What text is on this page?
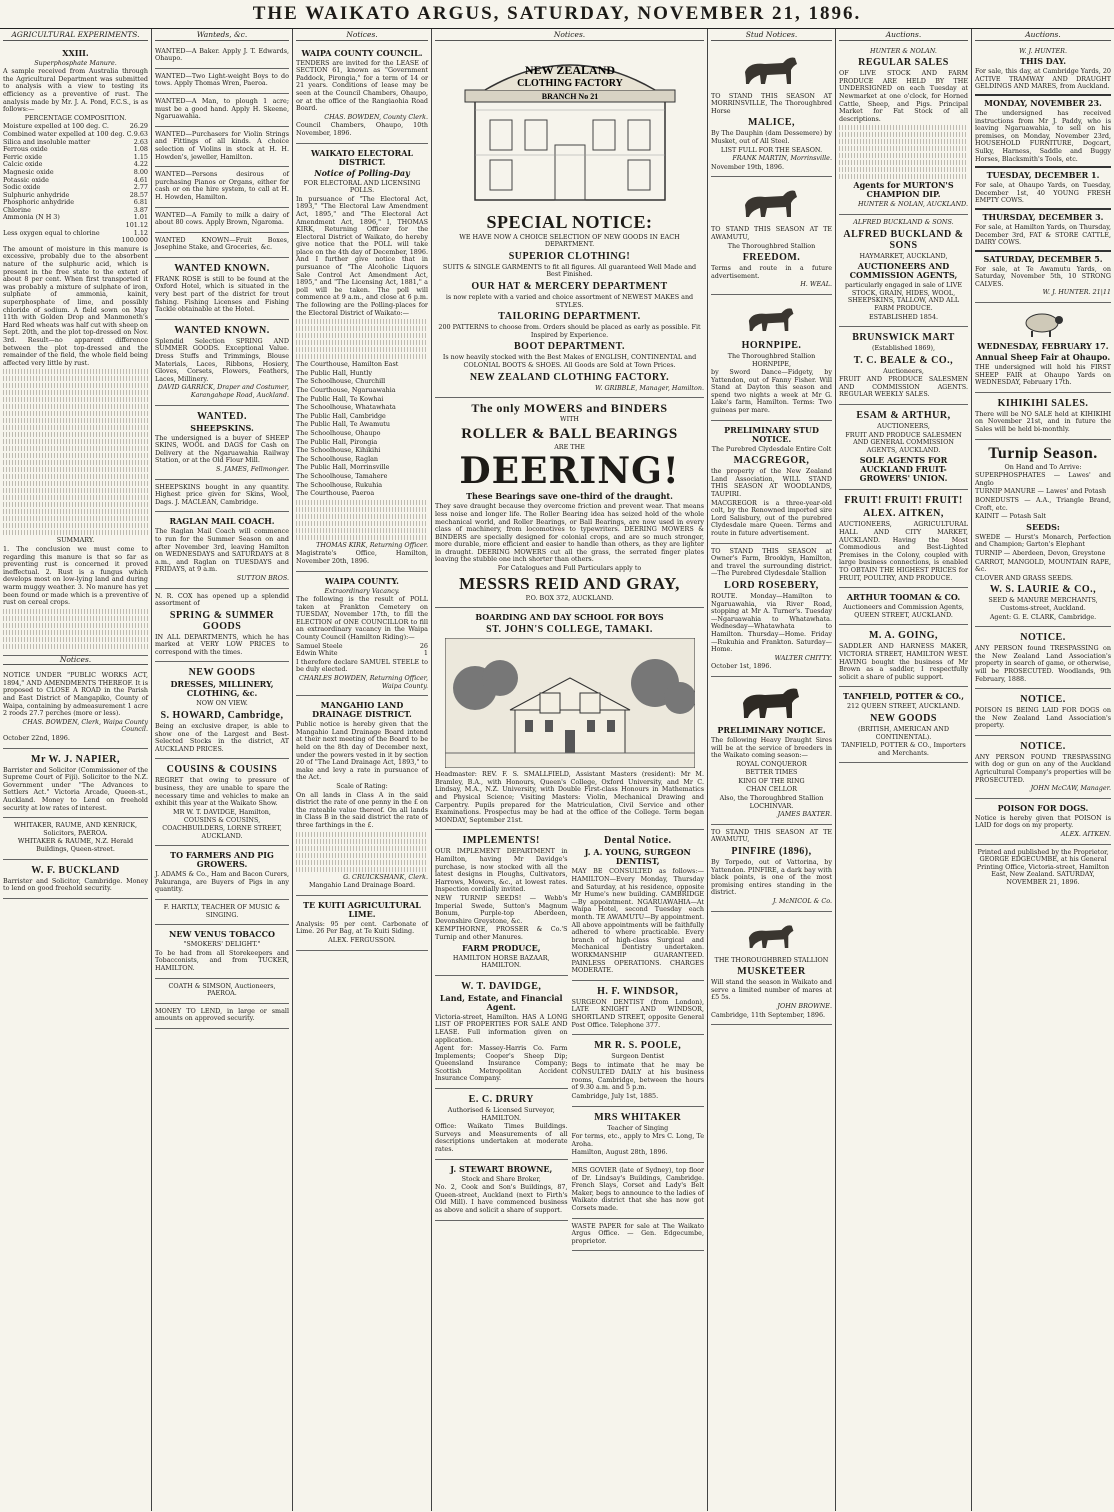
THE WAIKATO ARGUS, SATURDAY, NOVEMBER 21, 1896.
AGRICULTURAL EXPERIMENTS.
XXIII.

Superphosphate Manure.

A sample received from Australia through the Agricultural Department was submitted to analysis with a view to testing its efficiency as a preventive of rust. The analysis made by Mr. J. A. Pond, F.C.S., is as follows:—

PERCENTAGE COMPOSITION.

Moisture expelled at 100 deg. C.	26.29
Combined water expelled at 100 deg. C. 9.63
Silica and insoluble matter	2.63
Ferrous oxide	1.08
Ferric oxide	1.15
Calcic oxide	4.22
Magnesic oxide	8.00
Potassic oxide	4.61
Sodic oxide	2.77
Sulphuric anhydride	28.57
Phosphoric anhydride	6.81
Chlorine	3.87
Ammonia (N H 3)	1.01
101.12
Less oxygen equal to chlorine	1.12
100.000

The amount of moisture in this manure is excessive, probably due to the absorbent nature of the sulphuric acid, which is present in the free state to the extent of about 8 per cent. When first transported it was probably a mixture of sulphate of iron, sulphate of ammonia, kainit, superphosphate of lime, and possibly chloride of sodium. A field sown on May 11th with Golden Drop and Manmoneth's Hard Red wheats was half cut with sheep on Sept. 20th, and the plot top-dressed on Nov. 3rd. Result—no apparent difference between the plot top-dressed and the remainder of the field, the whole field being affected very little by rust.

SUMMARY.

1. The conclusion we must come to regarding this manure is that so far as preventing rust is concerned it proved ineffectual. 2. Rust is a fungus which develops most on low-lying land and during warm muggy weather. 3. No manure has yet been found or made which is a preventive of rust on cereal crops.

Notices.

NOTICE UNDER "PUBLIC WORKS ACT, 1894," AND AMENDMENTS THEREOF. It is proposed to CLOSE A ROAD in the Parish and East District of Mangapiko, County of Waipa, containing by admeasurement 1 acre 2 roods 27.7 perches (more or less).

CHAS. BOWDEN, Clerk, Waipa County Council.

October 22nd, 1896.

Mr W. J. NAPIER,

Barrister and Solicitor (Commissioner of the Supreme Court of Fiji). Solicitor to the N.Z. Government under "The Advances to Settlers Act." Victoria Arcade, Queen-st., Auckland. Money to Lend on freehold security at low rates of interest.

WHITAKER, RAUME, AND KENRICK, Solicitors, PAEROA.

WHITAKER & RAUME, N.Z. Herald Buildings, Queen-street.

W. F. BUCKLAND

Barrister and Solicitor, Cambridge. Money to lend on good freehold security.

Wanteds, &c.

WANTED—A Baker. Apply J. T. Edwards, Ohaupo.

WANTED—Two Light-weight Boys to do tows. Apply Thomas Wren, Paeroa.

WANTED—A Man, to plough 1 acre; must be a good hand. Apply H. Skeene, Ngaruawahia.

WANTED—Purchasers for Violin Strings and Fittings of all kinds. A choice selection of Violins in stock at H. H. Howden's, jeweller, Hamilton.

WANTED—Persons desirous of purchasing Pianos or Organs, either for cash or on the hire system, to call at H. H. Howden, Hamilton.

WANTED—A Family to milk a dairy of about 80 cows. Apply Brown, Ngaroma.

WANTED KNOWN—Fruit Boxes, Josephine Stake, and Groceries, &c.

WANTED KNOWN.

FRANK ROSE is still to be found at the Oxford Hotel, which is situated in the very best part of the district for trout fishing. Fishing Licenses and Fishing Tackle obtainable at the Hotel.

WANTED KNOWN.

Splendid Selection SPRING AND SUMMER GOODS. Exceptional Value. Dress Stuffs and Trimmings, Blouse Materials, Laces, Ribbons, Hosiery, Gloves, Corsets, Flowers, Feathers, Laces, Millinery.

DAVID GARRICK, Draper and Costumer, Karangahape Road, Auckland.

WANTED.
SHEEPSKINS.

The undersigned is a buyer of SHEEP SKINS, WOOL and DAGS for Cash on Delivery at the Ngaruawahia Railway Station, or at the Old Flour Mill.

S. JAMES, Fellmonger.

SHEEPSKINS bought in any quantity. Highest price given for Skins, Wool, Dags. J. MACLEAN, Cambridge.

RAGLAN MAIL COACH.

The Raglan Mail Coach will commence to run for the Summer Season on and after November 3rd, leaving Hamilton on WEDNESDAYS and SATURDAYS at 8 a.m., and Raglan on TUESDAYS and FRIDAYS, at 9 a.m.

SUTTON BROS.

N. R. COX has opened up a splendid assortment of

SPRING & SUMMER GOODS

IN ALL DEPARTMENTS, which he has marked at VERY LOW PRICES to correspond with the times.

NEW GOODS
DRESSES, MILLINERY, CLOTHING, &c.

NOW ON VIEW.

S. HOWARD, Cambridge,

Being an exclusive draper, is able to show one of the Largest and Best-Selected Stocks in the district, AT AUCKLAND PRICES.

COUSINS & COUSINS

REGRET that owing to pressure of business, they are unable to spare the necessary time and vehicles to make an exhibit this year at the Waikato Show.

MR W. T. DAVIDGE, Hamilton,

COUSINS & COUSINS, COACHBUILDERS, LORNE STREET, AUCKLAND.

TO FARMERS AND PIG GROWERS.

J. ADAMS & Co., Ham and Bacon Curers, Pakuranga, are Buyers of Pigs in any quantity.

F. HARTLY, TEACHER OF MUSIC & SINGING.

NEW VENUS TOBACCO

"SMOKERS' DELIGHT."

To be had from all Storekeepers and Tobacconists, and from TUCKER, HAMILTON.

COATH & SIMSON, Auctioneers, PAEROA.

MONEY TO LEND, in large or small amounts on approved security.

Notices.
WAIPA COUNTY COUNCIL.

TENDERS are invited for the LEASE of SECTION 61, known as "Government Paddock, Pirongia," for a term of 14 or 21 years. Conditions of lease may be seen at the Council Chambers, Ohaupo, or at the office of the Rangiaohia Road Board.

CHAS. BOWDEN, County Clerk.

Council Chambers, Ohaupo, 10th November, 1896.

WAIKATO ELECTORAL DISTRICT.
Notice of Polling-Day

FOR ELECTORAL AND LICENSING POLLS.

In pursuance of "The Electoral Act, 1893," "The Electoral Law Amendment Act, 1895," and "The Electoral Act Amendment Act, 1896," I, THOMAS KIRK, Returning Officer for the Electoral District of Waikato, do hereby give notice that the POLL will take place on the 4th day of December, 1896. And I further give notice that in pursuance of "The Alcoholic Liquors Sale Control Act Amendment Act, 1895," and "The Licensing Act, 1881," a poll will be taken. The poll will commence at 9 a.m., and close at 6 p.m. The following are the Polling-places for the Electoral District of Waikato:—

The Courthouse, Hamilton East

The Public Hall, Huntly

The Schoolhouse, Churchill

The Courthouse, Ngaruawahia

The Public Hall, Te Kowhai

The Schoolhouse, Whatawhata

The Public Hall, Cambridge

The Public Hall, Te Awamutu

The Schoolhouse, Ohaupo

The Public Hall, Pirongia

The Schoolhouse, Kihikihi

The Schoolhouse, Raglan

The Public Hall, Morrinsville

The Schoolhouse, Tamahere

The Schoolhouse, Rukuhia

The Courthouse, Paeroa

THOMAS KIRK, Returning Officer.

Magistrate's Office, Hamilton, November 20th, 1896.

WAIPA COUNTY.

Extraordinary Vacancy.

The following is the result of POLL taken at Frankton Cemetery on TUESDAY, November 17th, to fill the ELECTION of ONE COUNCILLOR to fill an extraordinary vacancy in the Waipa County Council (Hamilton Riding):—

Samuel Steele	26
Edwin White	1

I therefore declare SAMUEL STEELE to be duly elected.

CHARLES BOWDEN, Returning Officer, Waipa County.

MANGAHIO LAND DRAINAGE DISTRICT.

Public notice is hereby given that the Mangahio Land Drainage Board intend at their next meeting of the Board to be held on the 8th day of December next, under the powers vested in it by section 20 of "The Land Drainage Act, 1893," to make and levy a rate in pursuance of the Act.

Scale of Rating:

On all lands in Class A in the said district the rate of one penny in the £ on the rateable value thereof. On all lands in Class B in the said district the rate of three farthings in the £.

G. CRUICKSHANK, Clerk.

Mangahio Land Drainage Board.

TE KUITI AGRICULTURAL LIME.

Analysis: 95 per cent. Carbonate of Lime. 26 Per Bag, at Te Kuiti Siding.

ALEX. FERGUSSON.

Notices.
NEW ZEALAND
CLOTHING FACTORY
BRANCH No 21
SPECIAL NOTICE:

WE HAVE NOW A CHOICE SELECTION OF NEW GOODS IN EACH DEPARTMENT.

SUPERIOR CLOTHING!

SUITS & SINGLE GARMENTS to fit all figures. All guaranteed Well Made and Best Finished.

OUR HAT & MERCERY DEPARTMENT

is now replete with a varied and choice assortment of NEWEST MAKES and STYLES.

TAILORING DEPARTMENT.

200 PATTERNS to choose from. Orders should be placed as early as possible. Fit Inspired by Experience.

BOOT DEPARTMENT.

Is now heavily stocked with the Best Makes of ENGLISH, CONTINENTAL and COLONIAL BOOTS & SHOES. All Goods are Sold at Town Prices.

NEW ZEALAND CLOTHING FACTORY.

W. GRIBBLE, Manager, Hamilton.

The only MOWERS and BINDERS

WITH

ROLLER & BALL BEARINGS

ARE THE

DEERING!
These Bearings save one-third of the draught.

They save draught because they overcome friction and prevent wear. That means less noise and longer life. The Roller Bearing idea has seized hold of the whole mechanical world, and Roller Bearings, or Ball Bearings, are now used in every class of machinery, from locomotives to typewriters. DEERING MOWERS & BINDERS are specially designed for colonial crops, and are so much stronger, more durable, more efficient and easier to handle than others, as they are lighter in draught. DEERING MOWERS cut all the grass, the serrated finger plates leaving the stubble one inch shorter than others.

For Catalogues and Full Particulars apply to

MESSRS REID AND GRAY,

P.O. BOX 372, AUCKLAND.

BOARDING AND DAY SCHOOL FOR BOYS
ST. JOHN'S COLLEGE, TAMAKI.

Headmaster: REV. F. S. SMALLFIELD, Assistant Masters (resident): Mr M. Bramley, B.A., with Honours, Queen's College, Oxford University, and Mr C. Lindsay, M.A., N.Z. University, with Double First-class Honours in Mathematics and Physical Science; Visiting Masters: Violin, Mechanical Drawing and Carpentry. Pupils prepared for the Matriculation, Civil Service and other Examinations. Prospectus may be had at the office of the College. Term began MONDAY, September 21st.

IMPLEMENTS!

OUR IMPLEMENT DEPARTMENT in Hamilton, having Mr Davidge's purchase, is now stocked with all the latest designs in Ploughs, Cultivators, Harrows, Mowers, &c., at lowest rates. Inspection cordially invited.

NEW TURNIP SEEDS! — Webb's Imperial Swede, Sutton's Magnum Bonum, Purple-top Aberdeen, Devonshire Greystone, &c.

KEMPTHORNE, PROSSER & Co.'S Turnip and other Manures.

FARM PRODUCE,

HAMILTON HORSE BAZAAR, HAMILTON.

W. T. DAVIDGE,
Land, Estate, and Financial Agent.

Victoria-street, Hamilton. HAS A LONG LIST OF PROPERTIES FOR SALE AND LEASE. Full information given on application.

Agent for: Massey-Harris Co. Farm Implements; Cooper's Sheep Dip; Queensland Insurance Company; Scottish Metropolitan Accident Insurance Company.

E. C. DRURY

Authorised & Licensed Surveyor, HAMILTON.

Office: Waikato Times Buildings. Surveys and Measurements of all descriptions undertaken at moderate rates.

J. STEWART BROWNE,

Stock and Share Broker,

No. 2, Cook and Son's Buildings, 87, Queen-street, Auckland (next to Firth's Old Mill). I have commenced business as above and solicit a share of support.

Dental Notice.
J. A. YOUNG, SURGEON DENTIST,

MAY BE CONSULTED as follows:— HAMILTON—Every Monday, Thursday and Saturday, at his residence, opposite Mr Hume's new building. CAMBRIDGE—By appointment. NGARUAWAHIA—At Waipa Hotel, second Tuesday each month. TE AWAMUTU—By appointment. All above appointments will be faithfully adhered to where practicable. Every branch of high-class Surgical and Mechanical Dentistry undertaken. WORKMANSHIP GUARANTEED. PAINLESS OPERATIONS. CHARGES MODERATE.

H. F. WINDSOR,

SURGEON DENTIST (from London), LATE KNIGHT AND WINDSOR, SHORTLAND STREET, opposite General Post Office. Telephone 377.

MR R. S. POOLE,

Surgeon Dentist

Begs to intimate that he may be CONSULTED DAILY at his business rooms, Cambridge, between the hours of 9.30 a.m. and 5 p.m.

Cambridge, July 1st, 1885.

MRS WHITAKER

Teacher of Singing

For terms, etc., apply to Mrs C. Long, Te Aroha.

Hamilton, August 28th, 1896.

MRS GOVIER (late of Sydney), top floor of Dr. Lindsay's Buildings, Cambridge. French Slays, Corset and Lady's Belt Maker, begs to announce to the ladies of Waikato district that she has now got Corsets made.

WASTE PAPER for sale at The Waikato Argus Office. — Gen. Edgecumbe, proprietor.

Stud Notices.

TO STAND THIS SEASON AT MORRINSVILLE, The Thoroughbred Horse

MALICE,

By The Dauphin (dam Dessemere) by Musket, out of All Steel.

LIST FULL FOR THE SEASON.

FRANK MARTIN, Morrinsville.

November 19th, 1896.

TO STAND THIS SEASON AT TE AWAMUTU,

The Thoroughbred Stallion

FREEDOM.

Terms and route in a future advertisement.

H. WEAL.

HORNPIPE.

The Thoroughbred Stallion HORNPIPE,

by Sword Dance—Fidgety, by Yattendon, out of Fanny Fisher. Will Stand at Dayton this season and spend two nights a week at Mr G. Lake's farm, Hamilton. Terms: Two guineas per mare.

PRELIMINARY STUD NOTICE.

The Purebred Clydesdale Entire Colt

MACGREGOR,

the property of the New Zealand Land Association, WILL STAND THIS SEASON AT WOODLANDS, TAUPIRI.

MACGREGOR is a three-year-old colt, by the Renowned imported sire Lord Salisbury, out of the purebred Clydesdale mare Queen. Terms and route in future advertisement.

TO STAND THIS SEASON at Owner's Farm, Brooklyn, Hamilton, and travel the surrounding district.—The Purebred Clydesdale Stallion

LORD ROSEBERY,

ROUTE. Monday—Hamilton to Ngaruawahia, via River Road, stopping at Mr A. Turner's. Tuesday—Ngaruawahia to Whatawhata. Wednesday—Whatawhata to Hamilton. Thursday—Home. Friday—Rukuhia and Frankton. Saturday—Home.

WALTER CHITTY.

October 1st, 1896.

PRELIMINARY NOTICE.

The following Heavy Draught Sires will be at the service of breeders in the Waikato coming season:—

ROYAL CONQUEROR

BETTER TIMES

KING OF THE RING

CHAN CELLOR

Also, the Thoroughbred Stallion LOCHINVAR.

JAMES BAXTER.

TO STAND THIS SEASON AT TE AWAMUTU,

PINFIRE (1896),

By Torpedo, out of Vattorina, by Yattendon. PINFIRE, a dark bay with black points, is one of the most promising entires standing in the district.

J. McNICOL & Co.

THE THOROUGHBRED STALLION

MUSKETEER

Will stand the season in Waikato and serve a limited number of mares at £5 5s.

JOHN BROWNE.

Cambridge, 11th September, 1896.

Auctions.

HUNTER & NOLAN.

REGULAR SALES

OF LIVE STOCK AND FARM PRODUCE ARE HELD BY THE UNDERSIGNED on each Tuesday at Newmarket at one o'clock, for Horned Cattle, Sheep, and Pigs. Principal Market for Fat Stock of all descriptions.

Agents for MURTON'S CHAMPION DIP.

HUNTER & NOLAN, AUCKLAND.

ALFRED BUCKLAND & SONS.

ALFRED BUCKLAND & SONS

HAYMARKET, AUCKLAND,

AUCTIONEERS AND COMMISSION AGENTS,

particularly engaged in sale of LIVE STOCK, GRAIN, HIDES, WOOL, SHEEPSKINS, TALLOW, AND ALL FARM PRODUCE.

ESTABLISHED 1854.

BRUNSWICK MART

(Established 1869),

T. C. BEALE & CO.,

Auctioneers,

FRUIT AND PRODUCE SALESMEN AND COMMISSION AGENTS. REGULAR WEEKLY SALES.

ESAM & ARTHUR,

AUCTIONEERS,

FRUIT AND PRODUCE SALESMEN AND GENERAL COMMISSION AGENTS, AUCKLAND.

SOLE AGENTS FOR AUCKLAND FRUIT-GROWERS' UNION.
FRUIT! FRUIT! FRUIT!
ALEX. AITKEN,

AUCTIONEERS, AGRICULTURAL HALL AND CITY MARKET, AUCKLAND. Having the Most Commodious and Best-Lighted Premises in the Colony, coupled with large business connections, is enabled TO OBTAIN THE HIGHEST PRICES for FRUIT, POULTRY, AND PRODUCE.

ARTHUR TOOMAN & CO.

Auctioneers and Commission Agents, QUEEN STREET, AUCKLAND.

M. A. GOING,

SADDLER AND HARNESS MAKER, VICTORIA STREET, HAMILTON WEST. HAVING bought the business of Mr Brown as a saddler, I respectfully solicit a share of public support.

TANFIELD, POTTER & CO.,

212 QUEEN STREET, AUCKLAND.

NEW GOODS

(BRITISH, AMERICAN AND CONTINENTAL).

TANFIELD, POTTER & CO., Importers and Merchants.

Auctions.

W. J. HUNTER.

THIS DAY.

For sale, this day, at Cambridge Yards, 20 ACTIVE TRAMWAY AND DRAUGHT GELDINGS AND MARES, from Auckland.

MONDAY, NOVEMBER 23.

The undersigned has received instructions from Mr J. Paddy, who is leaving Ngaruawahia, to sell on his premises, on Monday, November 23rd, HOUSEHOLD FURNITURE, Dogcart, Sulky, Harness, Saddle and Buggy Horses, Blacksmith's Tools, etc.

TUESDAY, DECEMBER 1.

For sale, at Ohaupo Yards, on Tuesday, December 1st, 40 YOUNG FRESH EMPTY COWS.

THURSDAY, DECEMBER 3.

For sale, at Hamilton Yards, on Thursday, December 3rd, FAT & STORE CATTLE, DAIRY COWS.

SATURDAY, DECEMBER 5.

For sale, at Te Awamutu Yards, on Saturday, November 5th, 10 STRONG CALVES.

W. J. HUNTER. 21|11

WEDNESDAY, FEBRUARY 17.
Annual Sheep Fair at Ohaupo.

THE undersigned will hold his FIRST SHEEP FAIR at Ohaupo Yards on WEDNESDAY, February 17th.

KIHIKIHI SALES.

There will be NO SALE held at KIHIKIHI on November 21st, and in future the Sales will be held bi-monthly.

Turnip Season.

On Hand and To Arrive:

SUPERPHOSPHATES — Lawes' and Anglo

TURNIP MANURE — Lawes' and Potash

BONEDUSTS — A.A., Triangle Brand, Croft, etc.

KAINIT — Potash Salt

SEEDS:

SWEDE — Hurst's Monarch, Perfection and Champion; Garton's Elephant

TURNIP — Aberdeen, Devon, Greystone

CARROT, MANGOLD, MOUNTAIN RAPE, &c.

CLOVER AND GRASS SEEDS.

W. S. LAURIE & CO.,

SEED & MANURE MERCHANTS, Customs-street, Auckland.

Agent: G. E. CLARK, Cambridge.

NOTICE.

ANY PERSON found TRESPASSING on the New Zealand Land Association's property in search of game, or otherwise, will be PROSECUTED. Woodlands, 9th February, 1888.

NOTICE.

POISON IS BEING LAID FOR DOGS on the New Zealand Land Association's property.

NOTICE.

ANY PERSON FOUND TRESPASSING with dog or gun on any of the Auckland Agricultural Company's properties will be PROSECUTED.

JOHN McCAW, Manager.

POISON FOR DOGS.

Notice is hereby given that POISON is LAID for dogs on my property.

ALEX. AITKEN.

Printed and published by the Proprietor, GEORGE EDGECUMBE, at his General Printing Office, Victoria-street, Hamilton East, New Zealand. SATURDAY, NOVEMBER 21, 1896.
